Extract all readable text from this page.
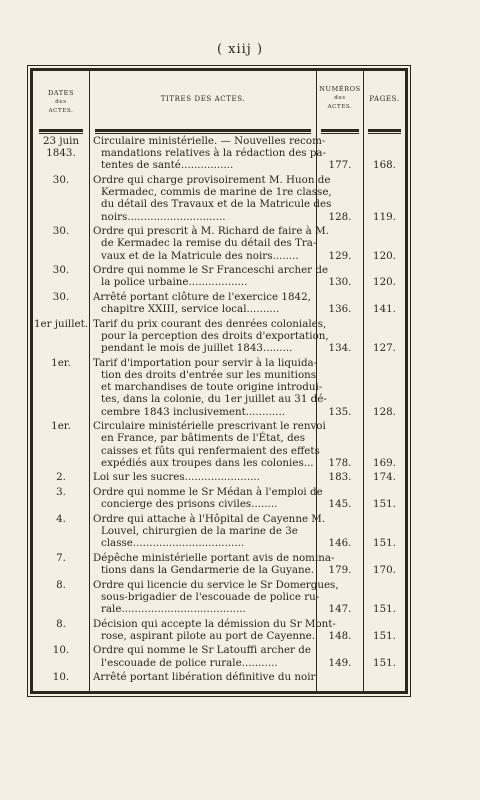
( xiij )
DATES
des
ACTES.
TITRES DES ACTES.
NUMÉROS
des
ACTES.
PAGES.
23 juin
1843.
Circulaire ministérielle. — Nouvelles recom-
mandations relatives à la rédaction des pa-
tentes de santé................	177.	168.
30.	Ordre qui charge provisoirement M. Huon de
Kermadec, commis de marine de 1re classe,
du détail des Travaux et de la Matricule des
noirs..............................	128.	119.
30.	Ordre qui prescrit à M. Richard de faire à M.
de Kermadec la remise du détail des Tra-
vaux et de la Matricule des noirs........	129.	120.
30.	Ordre qui nomme le Sr Franceschi archer de
la police urbaine..................	130.	120.
30.	Arrêté portant clôture de l'exercice 1842,
chapitre XXIII, service local..........	136.	141.
1er juillet. Tarif du prix courant des denrées coloniales,
pour la perception des droits d'exportation,
pendant le mois de juillet 1843.........	134.	127.
1er.	Tarif d'importation pour servir à la liquida-
tion des droits d'entrée sur les munitions
et marchandises de toute origine introdui-
tes, dans la colonie, du 1er juillet au 31 dé-
cembre 1843 inclusivement............	135.	128.
1er.	Circulaire ministérielle prescrivant le renvoi
en France, par bâtiments de l'État, des
caisses et fûts qui renfermaient des effets
expédiés aux troupes dans les colonies...	178.	169.
2.	Loi sur les sucres.......................	183.	174.
3.	Ordre qui nomme le Sr Médan à l'emploi de
concierge des prisons civiles........	145.	151.
4.	Ordre qui attache à l'Hôpital de Cayenne M.
Louvel, chirurgien de la marine de 3e
classe..................................	146.	151.
7.	Dépêche ministérielle portant avis de nomina-
tions dans la Gendarmerie de la Guyane.	179.	170.
8.	Ordre qui licencie du service le Sr Domergues,
sous-brigadier de l'escouade de police ru-
rale......................................	147.	151.
8.	Décision qui accepte la démission du Sr Mont-
rose, aspirant pilote au port de Cayenne.	148.	151.
10.	Ordre qui nomme le Sr Latouffi archer de
l'escouade de police rurale...........	149.	151.
10.	Arrêté portant libération définitive du noir
